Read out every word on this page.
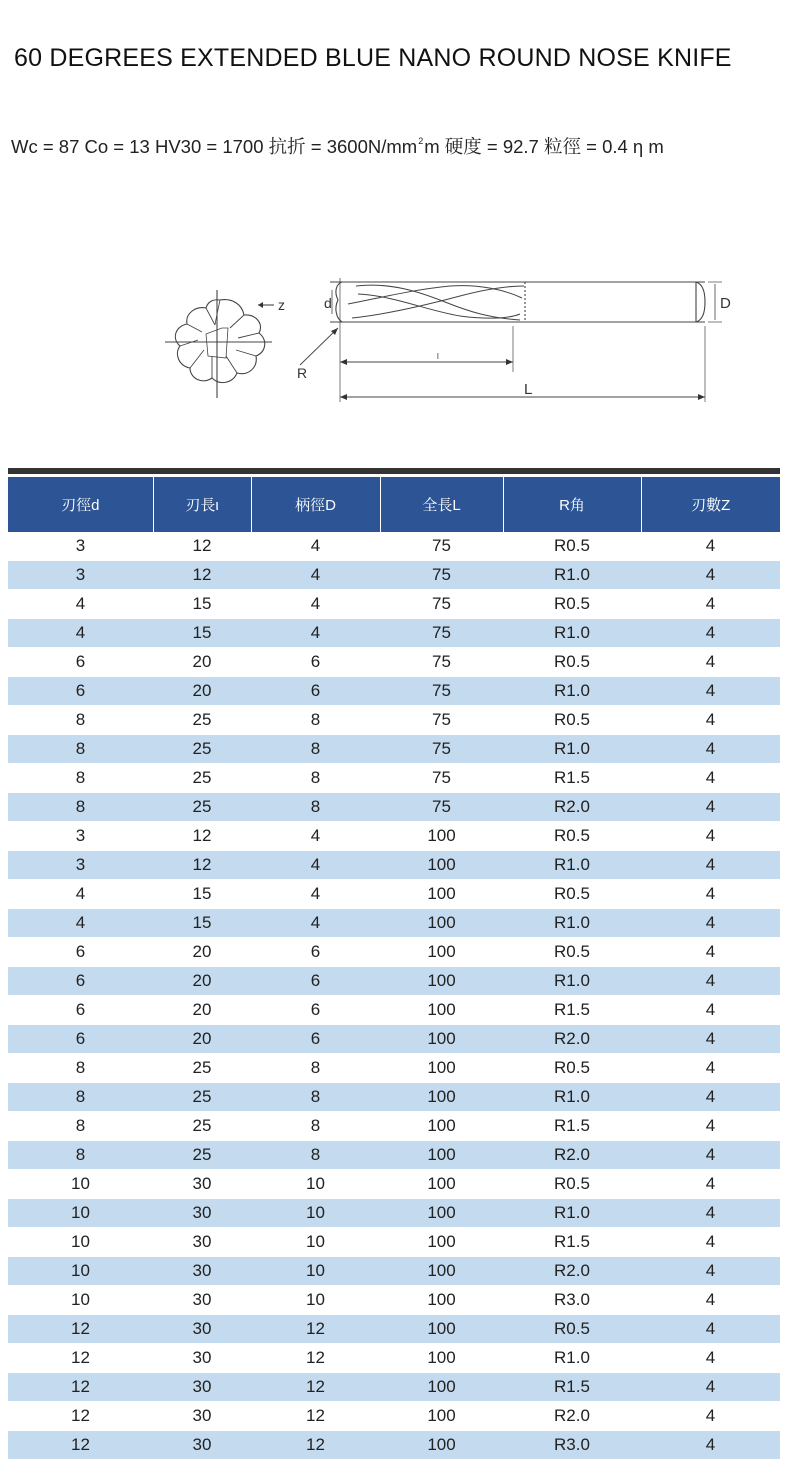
60 DEGREES EXTENDED BLUE NANO ROUND NOSE KNIFE
Wc = 87 Co = 13 HV30 = 1700 抗折 = $3600N/mm^2m$ 硬度 = 92.7 粒徑 = 0.4 η m
z	d	D
R
l
L
刃徑d	刃長ι	柄徑D	全長L	R角	刃數Z
3	12	4	75	R0.5	4
3	12	4	75	R1.0	4
4	15	4	75	R0.5	4
4	15	4	75	R1.0	4
6	20	6	75	R0.5	4
6	20	6	75	R1.0	4
8	25	8	75	R0.5	4
8	25	8	75	R1.0	4
8	25	8	75	R1.5	4
8	25	8	75	R2.0	4
3	12	4	100	R0.5	4
3	12	4	100	R1.0	4
4	15	4	100	R0.5	4
4	15	4	100	R1.0	4
6	20	6	100	R0.5	4
6	20	6	100	R1.0	4
6	20	6	100	R1.5	4
6	20	6	100	R2.0	4
8	25	8	100	R0.5	4
8	25	8	100	R1.0	4
8	25	8	100	R1.5	4
8	25	8	100	R2.0	4
10	30	10	100	R0.5	4
10	30	10	100	R1.0	4
10	30	10	100	R1.5	4
10	30	10	100	R2.0	4
10	30	10	100	R3.0	4
12	30	12	100	R0.5	4
12	30	12	100	R1.0	4
12	30	12	100	R1.5	4
12	30	12	100	R2.0	4
12	30	12	100	R3.0	4
